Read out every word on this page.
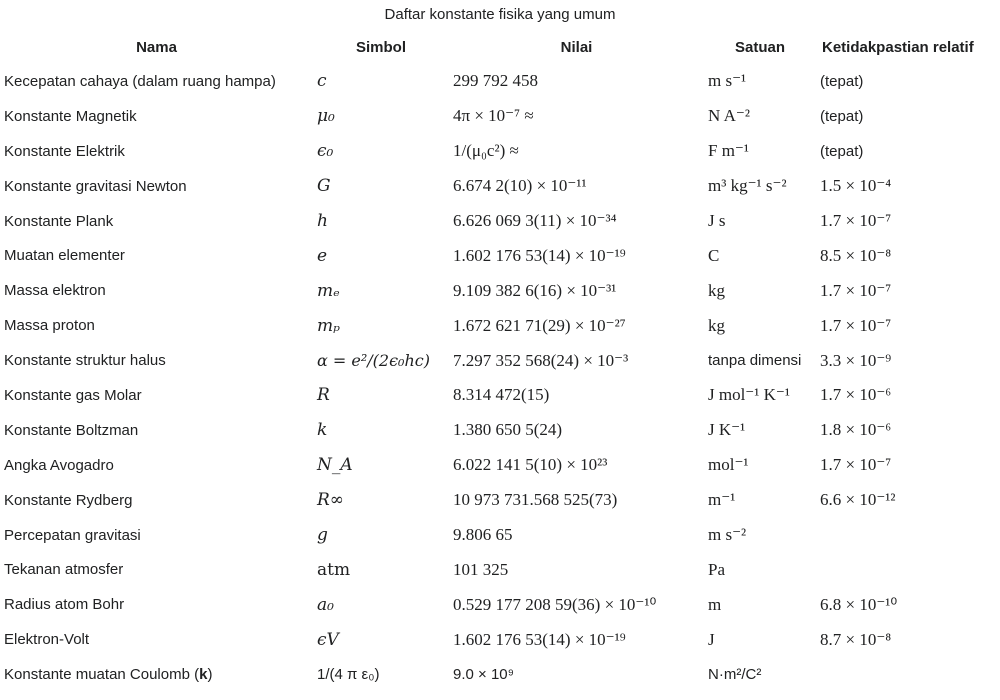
Daftar konstante fisika yang umum
Nama	Simbol	Nilai	Satuan	Ketidakpastian relatif
Kecepatan cahaya (dalam ruang hampa)	c	299 792 458	m s⁻¹	(tepat)
Konstante Magnetik	μ₀	4π × 10⁻⁷ ≈	N A⁻²	(tepat)
Konstante Elektrik	ϵ₀	1/(μ₀c²) ≈	F m⁻¹	(tepat)
Konstante gravitasi Newton	G	6.674 2(10) × 10⁻¹¹	m³ kg⁻¹ s⁻²	1.5 × 10⁻⁴
Konstante Plank	h	6.626 069 3(11) × 10⁻³⁴	J s	1.7 × 10⁻⁷
Muatan elementer	e	1.602 176 53(14) × 10⁻¹⁹	C	8.5 × 10⁻⁸
Massa elektron	mₑ	9.109 382 6(16) × 10⁻³¹	kg	1.7 × 10⁻⁷
Massa proton	mₚ	1.672 621 71(29) × 10⁻²⁷	kg	1.7 × 10⁻⁷
Konstante struktur halus	α = e²/(2ϵ₀hc)	7.297 352 568(24) × 10⁻³	tanpa dimensi	3.3 × 10⁻⁹
Konstante gas Molar	R	8.314 472(15)	J mol⁻¹ K⁻¹	1.7 × 10⁻⁶
Konstante Boltzman	k	1.380 650 5(24)	J K⁻¹	1.8 × 10⁻⁶
Angka Avogadro	N_A	6.022 141 5(10) × 10²³	mol⁻¹	1.7 × 10⁻⁷
Konstante Rydberg	R∞	10 973 731.568 525(73)	m⁻¹	6.6 × 10⁻¹²
Percepatan gravitasi	g	9.806 65	m s⁻²	
Tekanan atmosfer	atm	101 325	Pa	
Radius atom Bohr	a₀	0.529 177 208 59(36) × 10⁻¹⁰	m	6.8 × 10⁻¹⁰
Elektron-Volt	ϵV	1.602 176 53(14) × 10⁻¹⁹	J	8.7 × 10⁻⁸
Konstante muatan Coulomb (k)	1/(4 π ε₀)	9.0 × 10⁹	N·m²/C²	
